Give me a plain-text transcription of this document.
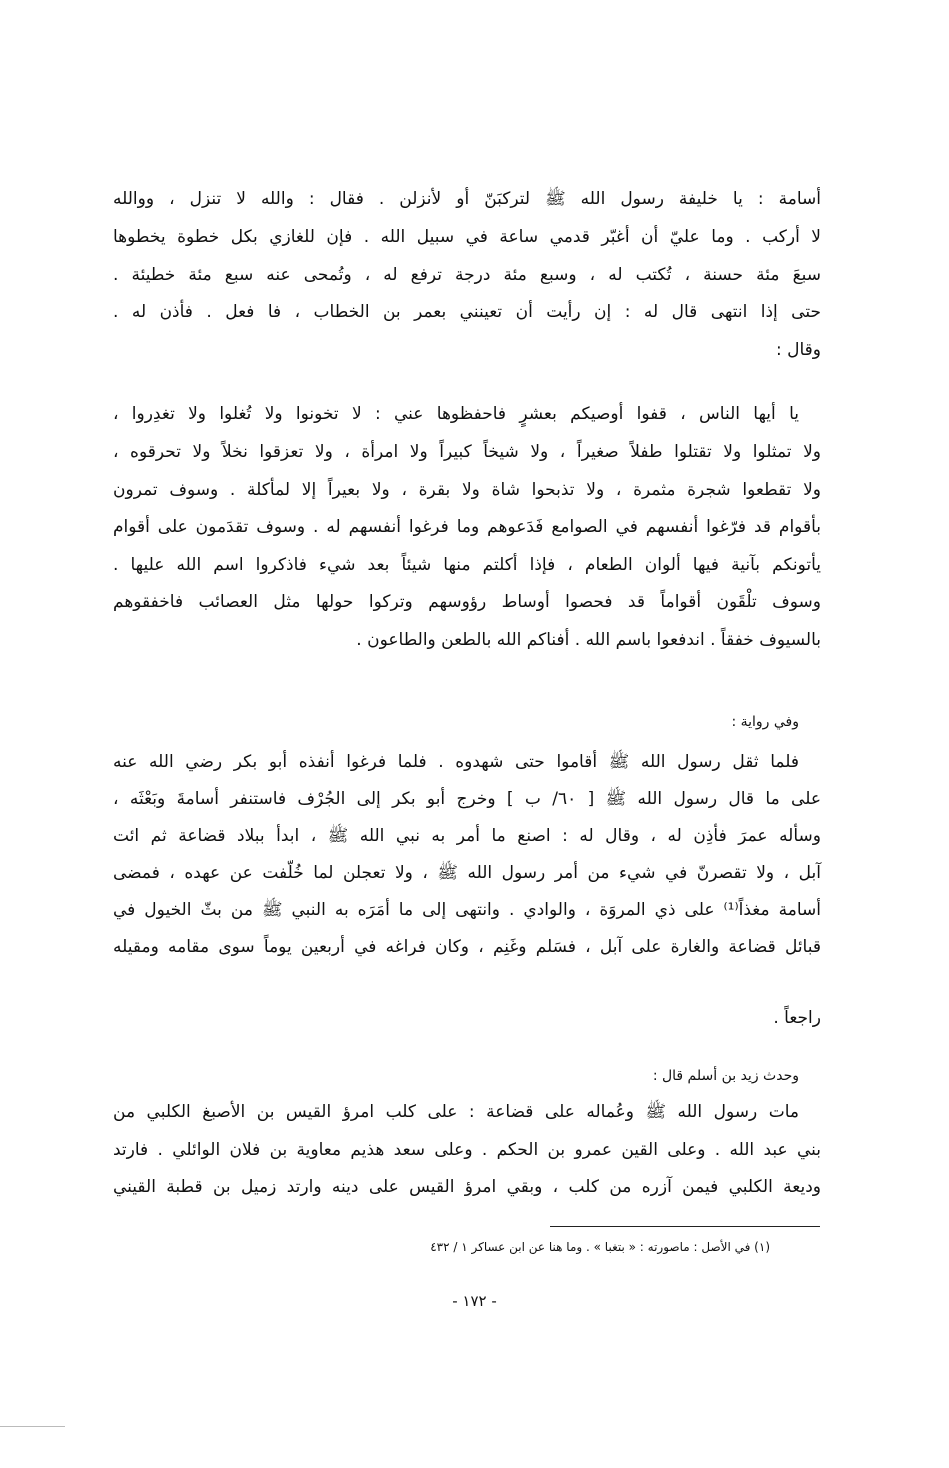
أسامة : يا خليفة رسول الله ﷺ لتركبَنّ أو لأنزلن . فقال : والله لا تنزل ، ووالله
لا أركب . وما عليّ أن أغبّر قدمي ساعة في سبيل الله . فإن للغازي بكل خطوة يخطوها
سبعَ مئة حسنة ، تُكتب له ، وسبع مئة درجة ترفع له ، وتُمحى عنه سبع مئة خطيئة .
حتى إذا انتهى قال له : إن رأيت أن تعينني بعمر بن الخطاب ، فا فعل . فأذن له .
وقال :
يا أيها الناس ، قفوا أوصيكم بعشرٍ فاحفظوها عني : لا تخونوا ولا تُغلوا ولا تغدِروا ،
ولا تمثلوا ولا تقتلوا طفلاً صغيراً ، ولا شيخاً كبيراً ولا امرأة ، ولا تعزقوا نخلاً ولا تحرقوه ،
ولا تقطعوا شجرة مثمرة ، ولا تذبحوا شاة ولا بقرة ، ولا بعيراً إلا لمأكلة . وسوف تمرون
بأقوام قد فرّغوا أنفسهم في الصوامع فَدَعوهم وما فرغوا أنفسهم له . وسوف تقدَمون على أقوام
يأتونكم بآنية فيها ألوان الطعام ، فإذا أكلتم منها شيئاً بعد شيء فاذكروا اسم الله عليها .
وسوف تلْقَون أقواماً قد فحصوا أوساط رؤوسهم وتركوا حولها مثل العصائب فاخفقوهم
بالسيوف خفقاً . اندفعوا باسم الله . أفناكم الله بالطعن والطاعون .
وفي رواية :
فلما ثقل رسول الله ﷺ أقاموا حتى شهدوه . فلما فرغوا أنفذه أبو بكر رضي الله عنه
على ما قال رسول الله ﷺ [ ٦٠/ ب ] وخرج أبو بكر إلى الجُرْف فاستنفر أسامةَ وبَعْثَه ،
وسأله عمرَ فأذِن له ، وقال له : اصنع ما أمر به نبي الله ﷺ ، ابدأ ببلاد قضاعة ثم ائت
آبل ، ولا تقصرنّ في شيء من أمر رسول الله ﷺ ، ولا تعجلن لما خُلّفت عن عهده ، فمضى
أسامة مغذاً⁽¹⁾ على ذي المروَة ، والوادي . وانتهى إلى ما أمَرَه به النبي ﷺ من بثّ الخيول في
قبائل قضاعة والغارة على آبل ، فسَلم وغَنِم ، وكان فراغه في أربعين يوماً سوى مقامه ومقيله
راجعاً .
وحدث زيد بن أسلم قال :
مات رسول الله ﷺ وعُماله على قضاعة : على كلب امرؤ القيس بن الأصبغ الكلبي من
بني عبد الله . وعلى القين عمرو بن الحكم . وعلى سعد هذيم معاوية بن فلان الوائلي . فارتد
وديعة الكلبي فيمن آزره من كلب ، وبقي امرؤ القيس على دينه وارتد زميل بن قطبة القيني
(١) في الأصل : ماصورته : « بتغبا » . وما هنا عن ابن عساكر ١ / ٤٣٢
- ١٧٢ -
